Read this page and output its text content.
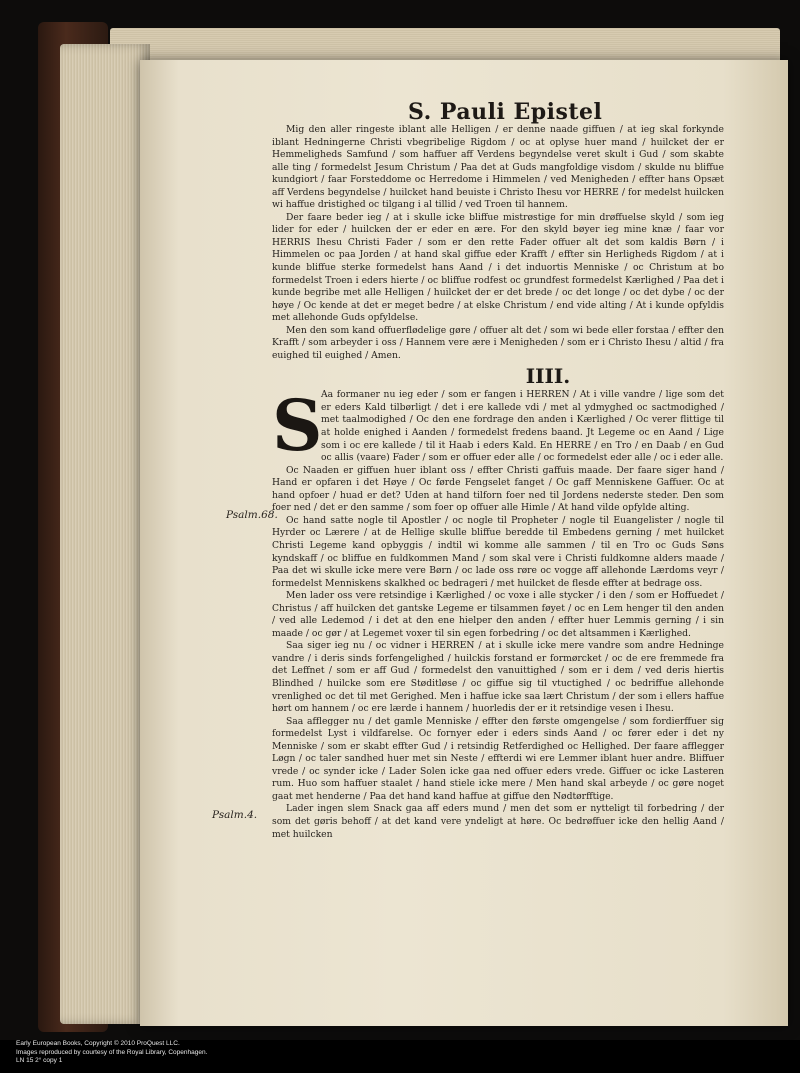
S. Pauli Epistel

Mig den aller ringeste iblant alle Helligen / er denne naade giffuen / at ieg skal forkynde iblant Hedningerne Christi vbegribelige Rigdom / oc at oplyse huer mand / huilcket der er Hemmeligheds Samfund / som haffuer aff Verdens begyndelse veret skult i Gud / som skabte alle ting / formedelst Jesum Christum / Paa det at Guds mangfoldige visdom / skulde nu bliffue kundgiort / faar Forsteddome oc Herredome i Himmelen / ved Menigheden / effter hans Opsæt aff Verdens begyndelse / huilcket hand beuiste i Christo Ihesu vor HERRE / for medelst huilcken wi haffue dristighed oc tilgang i al tillid / ved Troen til hannem.

Der faare beder ieg / at i skulle icke bliffue mistrøstige for min drøffuelse skyld / som ieg lider for eder / huilcken der er eder en ære. For den skyld bøyer ieg mine knæ / faar vor HERRIS Ihesu Christi Fader / som er den rette Fader offuer alt det som kaldis Børn / i Himmelen oc paa Jorden / at hand skal giffue eder Krafft / effter sin Herligheds Rigdom / at i kunde bliffue sterke formedelst hans Aand / i det induortis Menniske / oc Christum at bo formedelst Troen i eders hierte / oc bliffue rodfest oc grundfest formedelst Kærlighed / Paa det i kunde begribe met alle Helligen / huilcket der er det brede / oc det longe / oc det dybe / oc der høye / Oc kende at det er meget bedre / at elske Christum / end vide alting / At i kunde opfyldis met allehonde Guds opfyldelse.

Men den som kand offuerflødelige gøre / offuer alt det / som wi bede eller forstaa / effter den Krafft / som arbeyder i oss / Hannem vere ære i Menigheden / som er i Christo Ihesu / altid / fra euighed til euighed / Amen.

IIII.

S
Aa formaner nu ieg eder / som er fangen i HERREN / At i ville vandre / lige som det er eders Kald tilbørligt / det i ere kallede vdi / met al ydmyghed oc sactmodighed / met taalmodighed / Oc den ene fordrage den anden i Kærlighed / Oc verer flittige til at holde enighed i Aanden / formedelst fredens baand. Jt Legeme oc en Aand / Lige som i oc ere kallede / til it Haab i eders Kald. En HERRE / en Tro / en Daab / en Gud oc allis (vaare) Fader / som er offuer eder alle / oc formedelst eder alle / oc i eder alle.

Oc Naaden er giffuen huer iblant oss / effter Christi gaffuis maade. Der faare siger hand / Hand er opfaren i det Høye / Oc førde Fengselet fanget / Oc gaff Menniskene Gaffuer. Oc at hand opfoer / huad er det? Uden at hand tilforn foer ned til Jordens nederste steder. Den som foer ned / det er den samme / som foer op offuer alle Himle / At hand vilde opfylde alting.

Oc hand satte nogle til Apostler / oc nogle til Propheter / nogle til Euangelister / nogle til Hyrder oc Lærere / at de Hellige skulle bliffue beredde til Embedens gerning / met huilcket Christi Legeme kand opbyggis / indtil wi komme alle sammen / til en Tro oc Guds Søns kyndskaff / oc bliffue en fuldkommen Mand / som skal vere i Christi fuldkomne alders maade / Paa det wi skulle icke mere vere Børn / oc lade oss røre oc vogge aff allehonde Lærdoms veyr / formedelst Menniskens skalkhed oc bedrageri / met huilcket de flesde effter at bedrage oss.

Men lader oss vere retsindige i Kærlighed / oc voxe i alle stycker / i den / som er Hoffuedet / Christus / aff huilcken det gantske Legeme er tilsammen føyet / oc en Lem henger til den anden / ved alle Ledemod / i det at den ene hielper den anden / effter huer Lemmis gerning / i sin maade / oc gør / at Legemet voxer til sin egen forbedring / oc det altsammen i Kærlighed.

Saa siger ieg nu / oc vidner i HERREN / at i skulle icke mere vandre som andre Hedninge vandre / i deris sinds forfengelighed / huilckis forstand er formørcket / oc de ere fremmede fra det Leffnet / som er aff Gud / formedelst den vanuittighed / som er i dem / ved deris hiertis Blindhed / huilcke som ere Støditløse / oc giffue sig til vtuctighed / oc bedriffue allehonde vrenlighed oc det til met Gerighed. Men i haffue icke saa lært Christum / der som i ellers haffue hørt om hannem / oc ere lærde i hannem / huorledis der er it retsindige vesen i Ihesu.

Saa afflegger nu / det gamle Menniske / effter den første omgengelse / som fordierffuer sig formedelst Lyst i vildfarelse. Oc fornyer eder i eders sinds Aand / oc fører eder i det ny Menniske / som er skabt effter Gud / i retsindig Retferdighed oc Hellighed. Der faare afflegger Løgn / oc taler sandhed huer met sin Neste / effterdi wi ere Lemmer iblant huer andre. Bliffuer vrede / oc synder icke / Lader Solen icke gaa ned offuer eders vrede. Giffuer oc icke Lasteren rum. Huo som haffuer staalet / hand stiele icke mere / Men hand skal arbeyde / oc gøre noget gaat met henderne / Paa det hand kand haffue at giffue den Nødtørfftige.

Lader ingen slem Snack gaa aff eders mund / men det som er nytteligt til forbedring / der som det gøris behoff / at det kand vere yndeligt at høre. Oc bedrøffuer icke den hellig Aand / met huilcken

Psalm.68.
Psalm.4.
Early European Books, Copyright © 2010 ProQuest LLC.
Images reproduced by courtesy of the Royal Library, Copenhagen.
LN 15 2° copy 1
